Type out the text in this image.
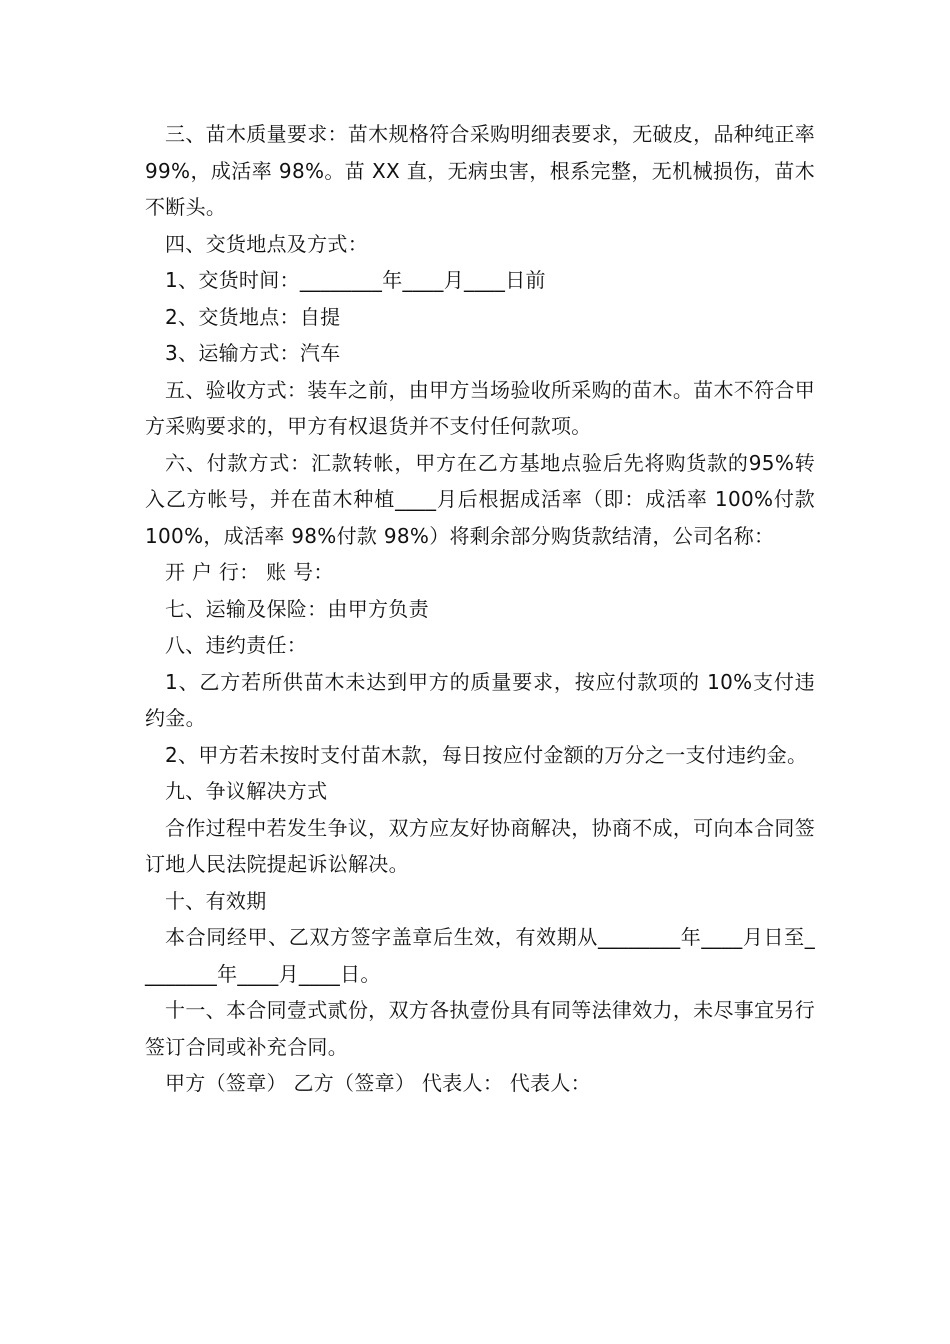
三、苗木质量要求：苗木规格符合采购明细表要求，无破皮，品种纯正率 99%，成活率 98%。苗 XX 直，无病虫害，根系完整，无机械损伤，苗木不断头。

四、交货地点及方式：

1、交货时间：________年____月____日前

2、交货地点：自提

3、运输方式：汽车

五、验收方式：装车之前，由甲方当场验收所采购的苗木。苗木不符合甲方采购要求的，甲方有权退货并不支付任何款项。

六、付款方式：汇款转帐，甲方在乙方基地点验后先将购货款的95%转入乙方帐号，并在苗木种植____月后根据成活率（即：成活率 100%付款 100%，成活率 98%付款 98%）将剩余部分购货款结清，公司名称：

开 户 行： 账 号：

七、运输及保险：由甲方负责

八、违约责任：

1、乙方若所供苗木未达到甲方的质量要求，按应付款项的 10%支付违约金。

2、甲方若未按时支付苗木款，每日按应付金额的万分之一支付违约金。

九、争议解决方式

合作过程中若发生争议，双方应友好协商解决，协商不成，可向本合同签订地人民法院提起诉讼解决。

十、有效期

本合同经甲、乙双方签字盖章后生效，有效期从________年____月日至________年____月____日。

十一、本合同壹式贰份，双方各执壹份具有同等法律效力，未尽事宜另行签订合同或补充合同。

甲方（签章） 乙方（签章） 代表人： 代表人：
